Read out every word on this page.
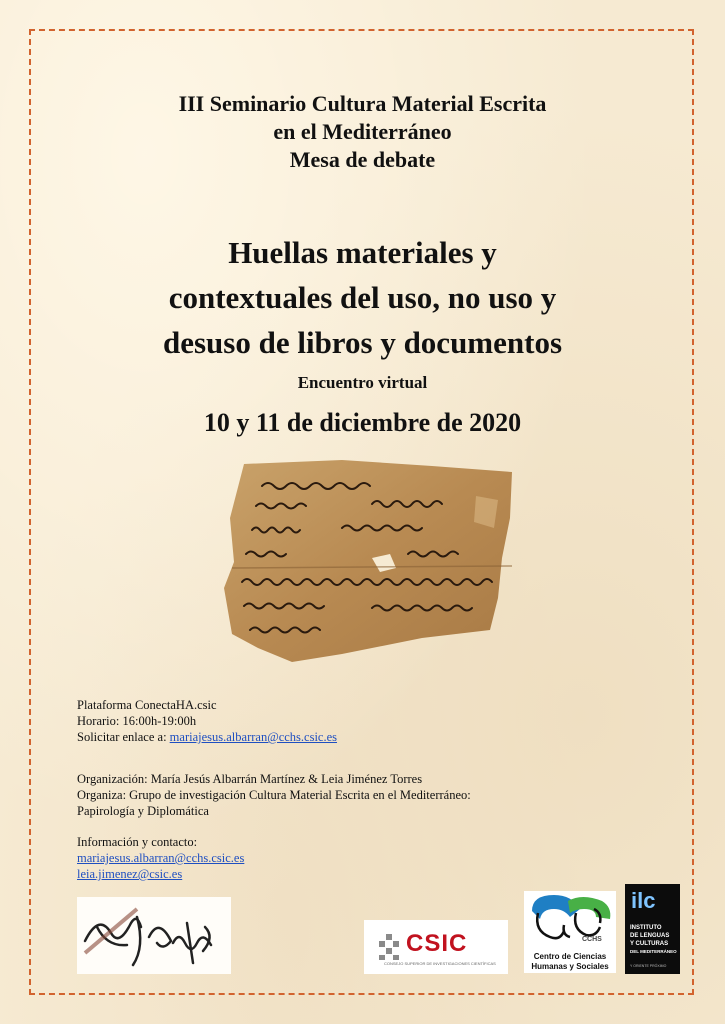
III Seminario Cultura Material Escrita
en el Mediterráneo
Mesa de debate
Huellas materiales y
contextuales del uso, no uso y
desuso de libros y documentos
Encuentro virtual
10 y 11 de diciembre de 2020
Plataforma ConectaHA.csic
Horario: 16:00h-19:00h
Solicitar enlace a: mariajesus.albarran@cchs.csic.es
Organización: María Jesús Albarrán Martínez & Leia Jiménez Torres
Organiza: Grupo de investigación Cultura Material Escrita en el Mediterráneo:
Papirología y Diplomática
Información y contacto:
mariajesus.albarran@cchs.csic.es
leia.jimenez@csic.es
CSIC
CONSEJO SUPERIOR DE INVESTIGACIONES CIENTÍFICAS
CCHS
Centro de Ciencias
Humanas y Sociales
ilc
INSTITUTO
DE LENGUAS
Y CULTURAS
DEL MEDITERRÁNEO
Y ORIENTE PRÓXIMO
